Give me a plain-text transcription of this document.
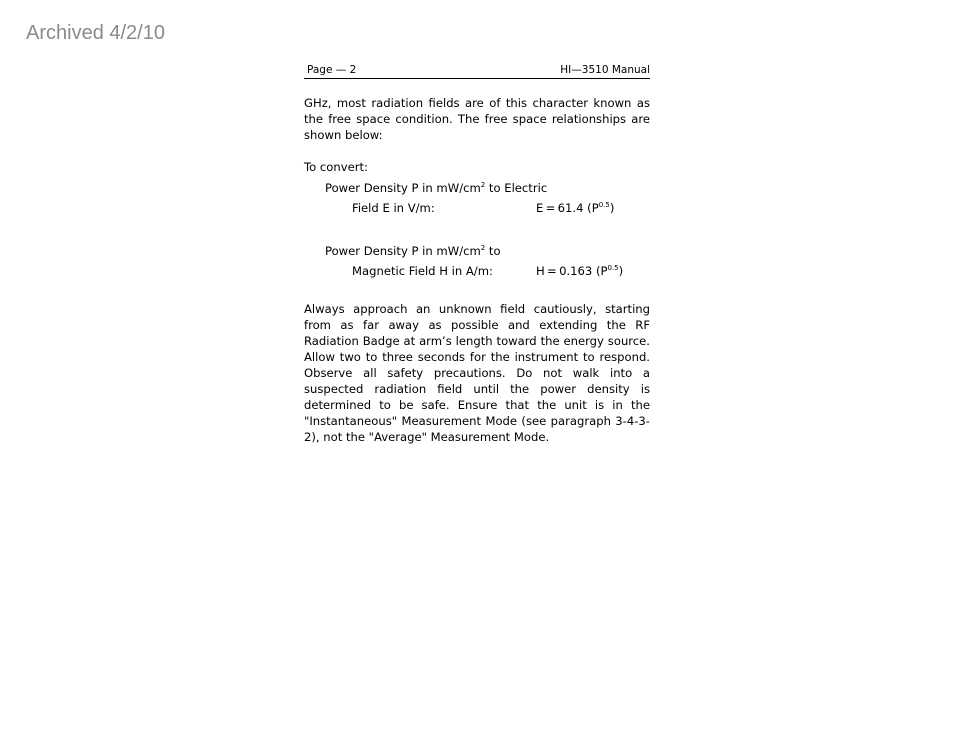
Archived 4/2/10
Page — 2	HI—3510 Manual

GHz, most radiation fields are of this character known as the free space condition. The free space relationships are shown below:

To convert:
Power Density P in $mW/cm^2$ to Electric
Field E in V/m:	E = 61.4 $(P^{0.5})$
Power Density P in $mW/cm^2$ to
Magnetic Field H in A/m:	H = 0.163 $(P^{0.5})$

Always approach an unknown field cautiously, starting from as far away as possible and extending the RF Radiation Badge at arm’s length toward the energy source. Allow two to three seconds for the instrument to respond. Observe all safety precautions. Do not walk into a suspected radiation field until the power density is determined to be safe. Ensure that the unit is in the "Instantaneous" Measurement Mode (see paragraph 3-4-3-2), not the "Average" Measurement Mode.
